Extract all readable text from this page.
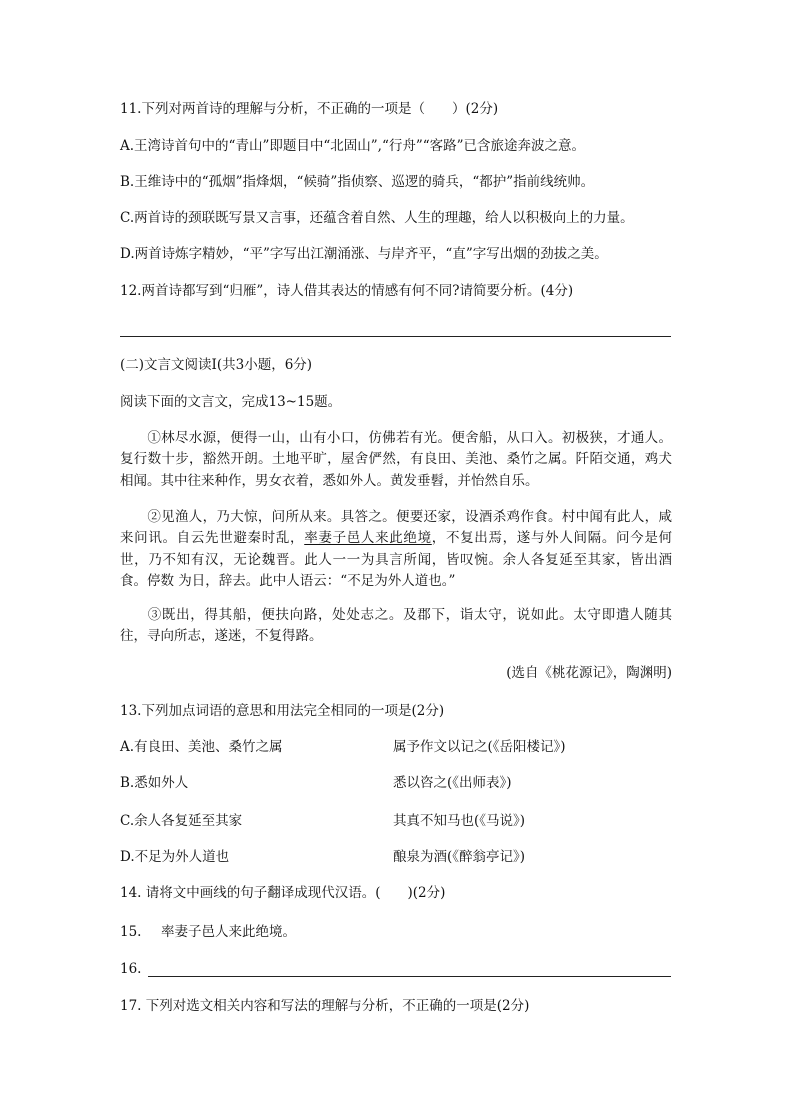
11.下列对两首诗的理解与分析，不正确的一项是（　　）(2分)
A.王湾诗首句中的“青山”即题目中“北固山”,“行舟”“客路”已含旅途奔波之意。
B.王维诗中的“孤烟”指烽烟，“候骑”指侦察、巡逻的骑兵，“都护”指前线统帅。
C.两首诗的颈联既写景又言事，还蕴含着自然、人生的理趣，给人以积极向上的力量。
D.两首诗炼字精妙，“平”字写出江潮涌涨、与岸齐平，“直”字写出烟的劲拔之美。
12.两首诗都写到“归雁”，诗人借其表达的情感有何不同?请简要分析。(4分)
(二)文言文阅读Ⅰ(共3小题，6分)
阅读下面的文言文，完成13~15题。
①林尽水源，便得一山，山有小口，仿佛若有光。便舍船，从口入。初极狭，才通人。复行数十步，豁然开朗。土地平旷，屋舍俨然，有良田、美池、桑竹之属。阡陌交通，鸡犬相闻。其中往来种作，男女衣着，悉如外人。黄发垂髫，并怡然自乐。
②见渔人，乃大惊，问所从来。具答之。便要还家，设酒杀鸡作食。村中闻有此人，咸来问讯。自云先世避秦时乱，率妻子邑人来此绝境，不复出焉，遂与外人间隔。问今是何世，乃不知有汉，无论魏晋。此人一一为具言所闻，皆叹惋。余人各复延至其家，皆出酒食。停数 为日，辞去。此中人语云：“不足为外人道也。”
③既出，得其船，便扶向路，处处志之。及郡下，诣太守，说如此。太守即遣人随其往，寻向所志，遂迷，不复得路。
(选自《桃花源记》，陶渊明)
13.下列加点词语的意思和用法完全相同的一项是(2分)
A.有良田、美池、桑竹之属	属予作文以记之(《岳阳楼记》)
B.悉如外人	悉以咨之(《出师表》)
C.余人各复延至其家	其真不知马也(《马说》)
D.不足为外人道也	酿泉为酒(《醉翁亭记》)
14. 请将文中画线的句子翻译成现代汉语。(　　)(2分)
15. 率妻子邑人来此绝境。
16.
17. 下列对选文相关内容和写法的理解与分析，不正确的一项是(2分)
